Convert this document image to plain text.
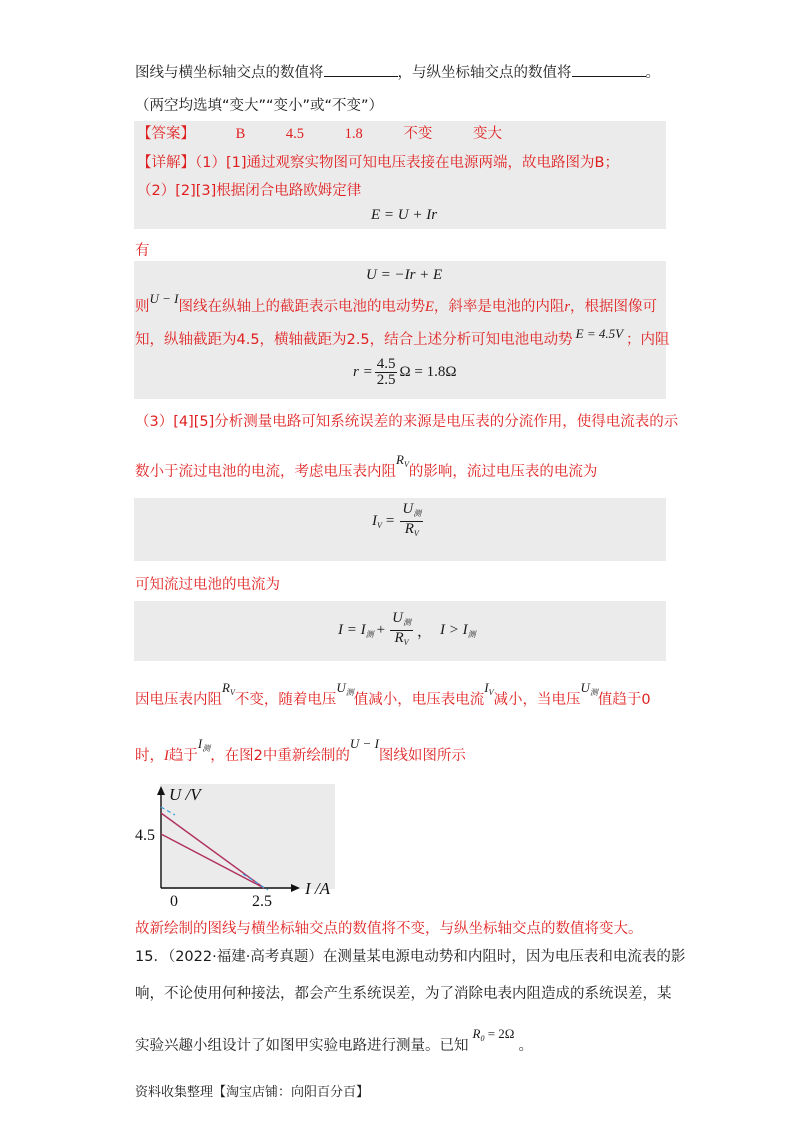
图线与横坐标轴交点的数值将	，与纵坐标轴交点的数值将	。
（两空均选填“变大”“变小”或“不变”）
【答案】	B	4.5	1.8	不变	变大
【详解】（1）[1]通过观察实物图可知电压表接在电源两端，故电路图为B；
（2）[2][3]根据闭合电路欧姆定律
E = U + Ir
有
U = −Ir + E
则U − I图线在纵轴上的截距表示电池的电动势E，斜率是电池的内阻r，根据图像可
知，纵轴截距为4.5，横轴截距为2.5，结合上述分析可知电池电动势 E = 4.5V ；内阻
$r = \frac{4.5}{2.5}$ Ω = 1.8Ω
（3）[4][5]分析测量电路可知系统误差的来源是电压表的分流作用，使得电流表的示
数小于流过电池的电流，考虑电压表内阻$R_V$的影响，流过电压表的电流为
$I_V = \frac{U_测}{R_V}$
可知流过电池的电流为
$I = I_测 + \frac{U_测}{R_V}$ ， $I > I_测$
因电压表内阻$R_V$不变，随着电压$U_测$值减小，电压表电流$I_V$减小，当电压$U_测$值趋于0
时，I趋于$I_测$，在图2中重新绘制的U − I图线如图所示
U /V
I /A
4.5
0	2.5
故新绘制的图线与横坐标轴交点的数值将不变，与纵坐标轴交点的数值将变大。
15．（2022·福建·高考真题）在测量某电源电动势和内阻时，因为电压表和电流表的影
响，不论使用何种接法，都会产生系统误差，为了消除电表内阻造成的系统误差，某
实验兴趣小组设计了如图甲实验电路进行测量。已知$R_0 = 2\Omega$。
资料收集整理【淘宝店铺：向阳百分百】
